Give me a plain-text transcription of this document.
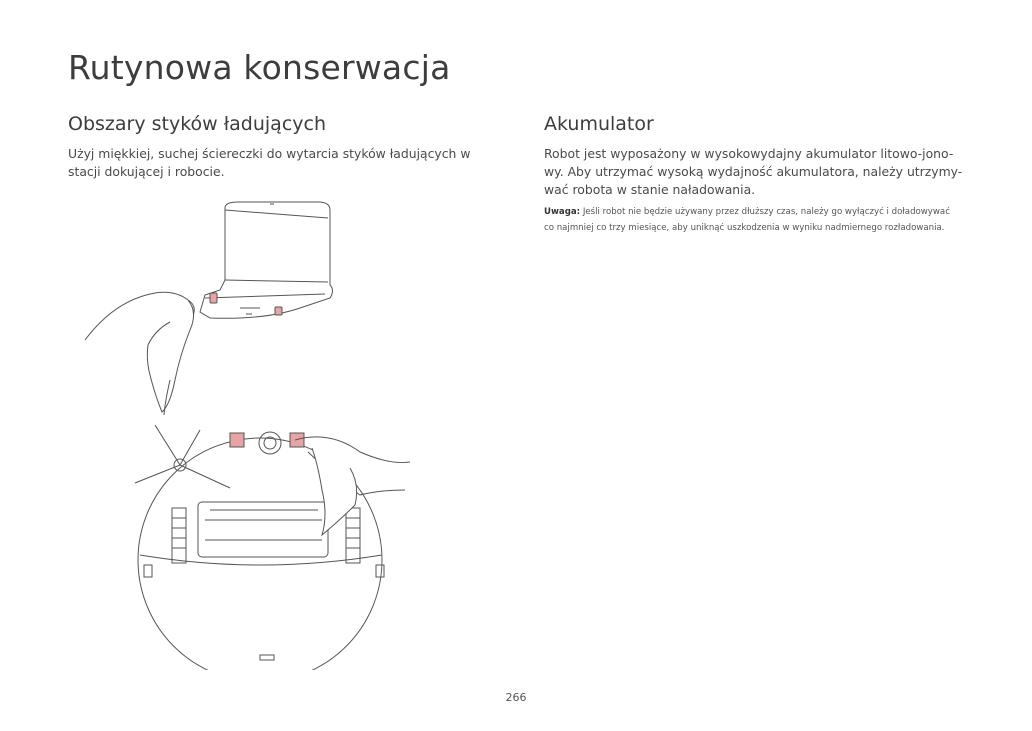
Rutynowa konserwacja
Obszary styków ładujących

Użyj miękkiej, suchej ściereczki do wytarcia styków ładujących w
stacji dokującej i robocie.

Akumulator

Robot jest wyposażony w wysokowydajny akumulator litowo-jono-
wy. Aby utrzymać wysoką wydajność akumulatora, należy utrzymy-
wać robota w stanie naładowania.

Uwaga: Jeśli robot nie będzie używany przez dłuższy czas, należy go wyłączyć i doładowywać
co najmniej co trzy miesiące, aby uniknąć uszkodzenia w wyniku nadmiernego rozładowania.

266
